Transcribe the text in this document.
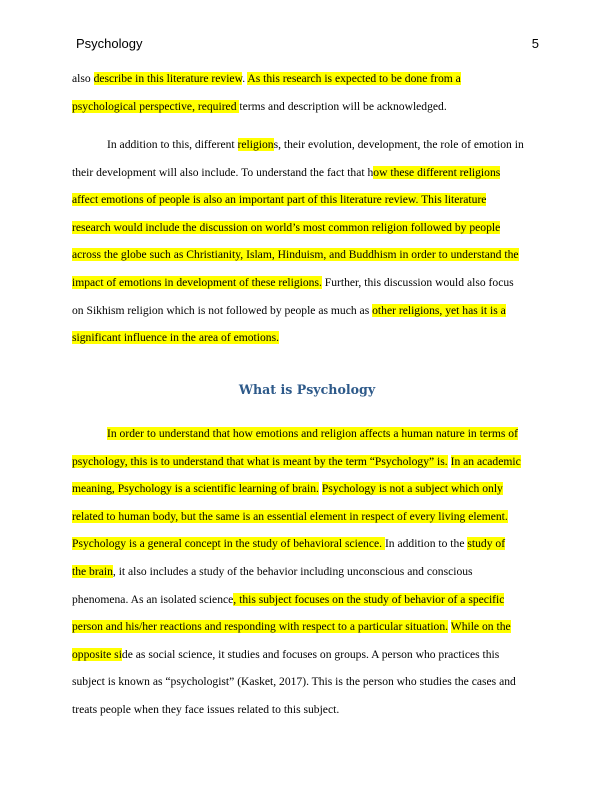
Psychology	5

also describe in this literature review. As this research is expected to be done from a

psychological perspective, required terms and description will be acknowledged.

In addition to this, different religions, their evolution, development, the role of emotion in

their development will also include. To understand the fact that how these different religions

affect emotions of people is also an important part of this literature review. This literature

research would include the discussion on world’s most common religion followed by people

across the globe such as Christianity, Islam, Hinduism, and Buddhism in order to understand the

impact of emotions in development of these religions. Further, this discussion would also focus

on Sikhism religion which is not followed by people as much as other religions, yet has it is a

significant influence in the area of emotions.

What is Psychology

In order to understand that how emotions and religion affects a human nature in terms of

psychology, this is to understand that what is meant by the term “Psychology” is. In an academic

meaning, Psychology is a scientific learning of brain. Psychology is not a subject which only

related to human body, but the same is an essential element in respect of every living element.

Psychology is a general concept in the study of behavioral science. In addition to the study of

the brain, it also includes a study of the behavior including unconscious and conscious

phenomena. As an isolated science, this subject focuses on the study of behavior of a specific

person and his/her reactions and responding with respect to a particular situation. While on the

opposite side as social science, it studies and focuses on groups. A person who practices this

subject is known as “psychologist” (Kasket, 2017). This is the person who studies the cases and

treats people when they face issues related to this subject.
